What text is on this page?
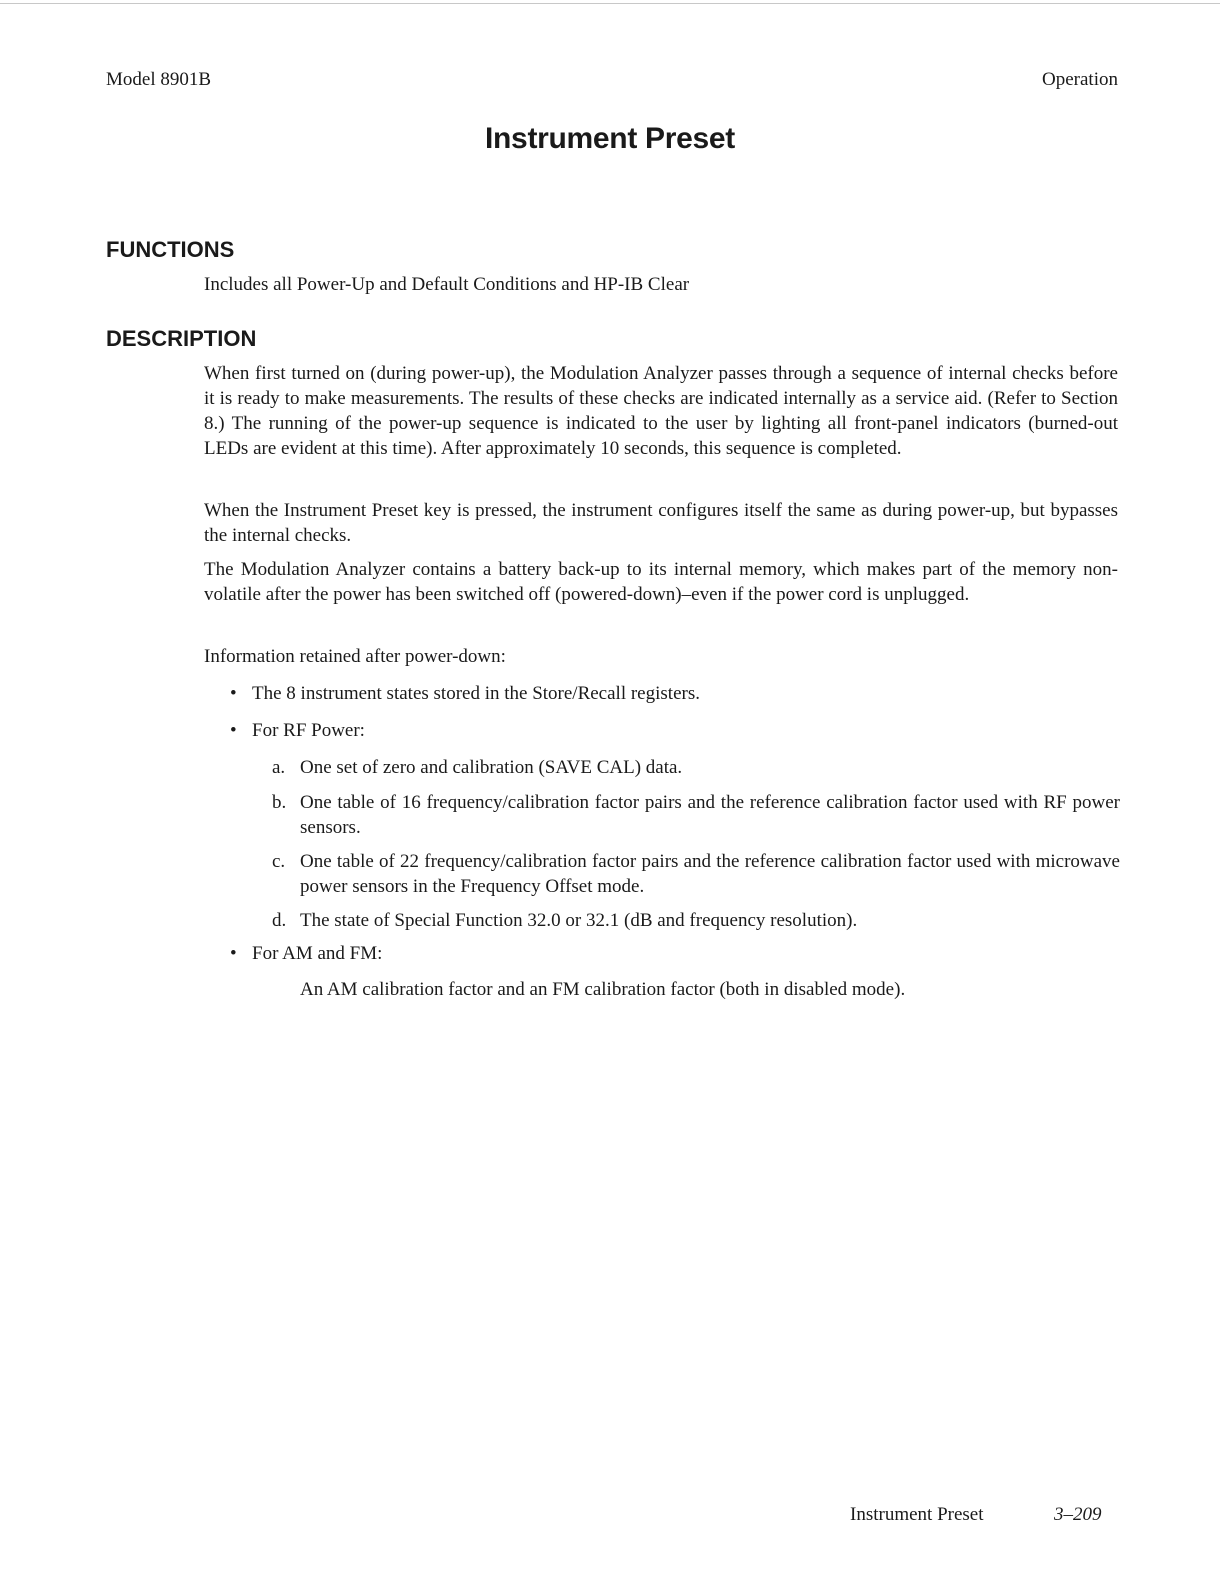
Model 8901B	Operation
Instrument Preset
FUNCTIONS

Includes all Power-Up and Default Conditions and HP-IB Clear

DESCRIPTION

When first turned on (during power-up), the Modulation Analyzer passes through a sequence of internal checks before it is ready to make measurements. The results of these checks are indicated internally as a service aid. (Refer to Section 8.) The running of the power-up sequence is indicated to the user by lighting all front-panel indicators (burned-out LEDs are evident at this time). After approximately 10 seconds, this sequence is completed.

When the Instrument Preset key is pressed, the instrument configures itself the same as during power-up, but bypasses the internal checks.

The Modulation Analyzer contains a battery back-up to its internal memory, which makes part of the memory non-volatile after the power has been switched off (powered-down)–even if the power cord is unplugged.

Information retained after power-down:

• The 8 instrument states stored in the Store/Recall registers.
• For RF Power:
a. One set of zero and calibration (SAVE CAL) data.
b. One table of 16 frequency/calibration factor pairs and the reference calibration factor used with RF power sensors.
c. One table of 22 frequency/calibration factor pairs and the reference calibration factor used with microwave power sensors in the Frequency Offset mode.
d. The state of Special Function 32.0 or 32.1 (dB and frequency resolution).
• For AM and FM:
An AM calibration factor and an FM calibration factor (both in disabled mode).
Instrument Preset	3–209
